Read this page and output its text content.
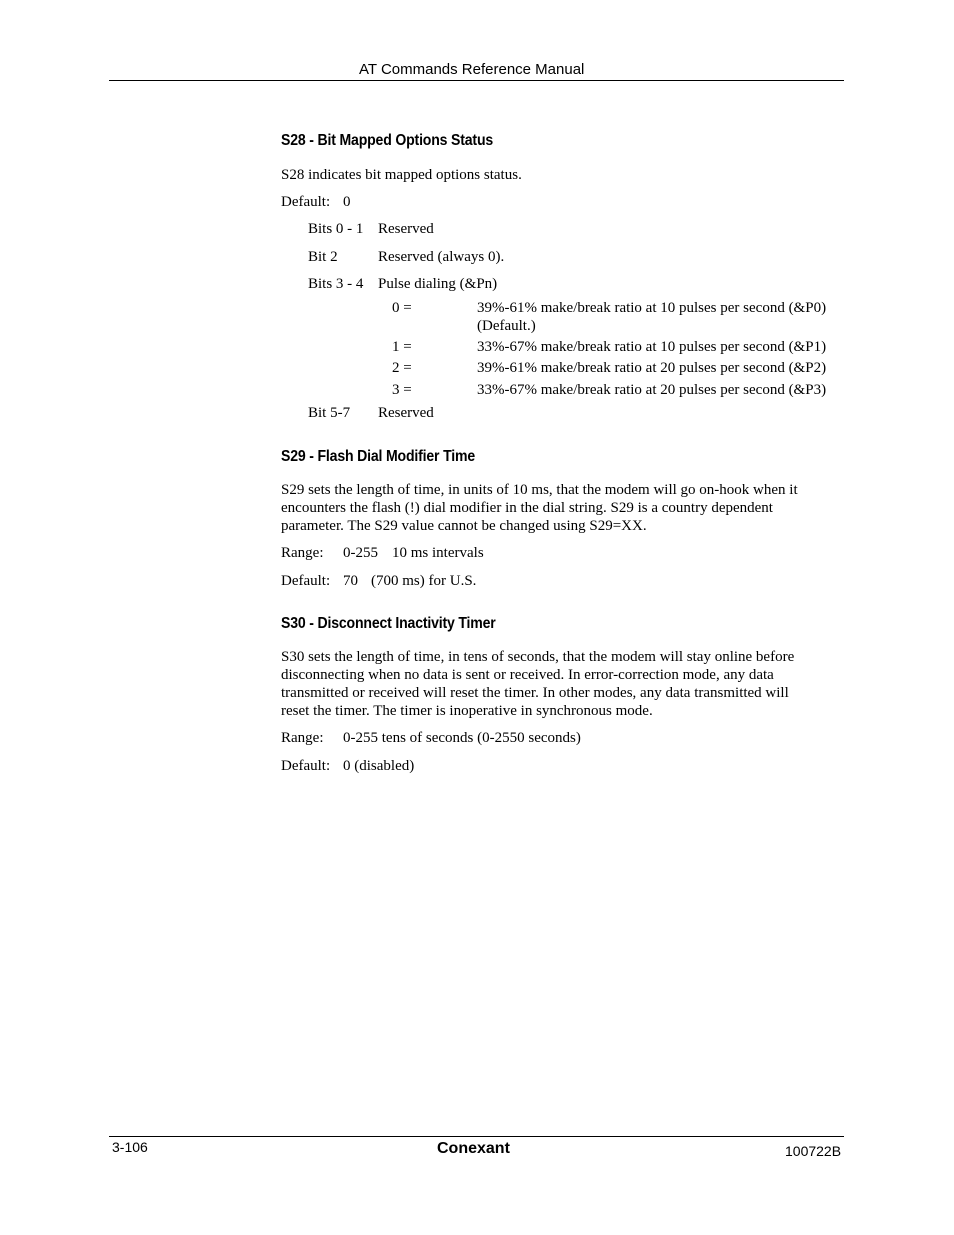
AT Commands Reference Manual
S28 - Bit Mapped Options Status
S28 indicates bit mapped options status.
Default: 0
Bits 0 - 1 Reserved
Bit 2	Reserved (always 0).
Bits 3 - 4 Pulse dialing (&Pn)
0 =	39%-61% make/break ratio at 10 pulses per second (&P0)
(Default.)
1 =	33%-67% make/break ratio at 10 pulses per second (&P1)
2 =	39%-61% make/break ratio at 20 pulses per second (&P2)
3 =	33%-67% make/break ratio at 20 pulses per second (&P3)
Bit 5-7 Reserved
S29 - Flash Dial Modifier Time
S29 sets the length of time, in units of 10 ms, that the modem will go on-hook when it
encounters the flash (!) dial modifier in the dial string. S29 is a country dependent
parameter. The S29 value cannot be changed using S29=XX.
Range: 0-255 10 ms intervals
Default: 70 (700 ms) for U.S.
S30 - Disconnect Inactivity Timer
S30 sets the length of time, in tens of seconds, that the modem will stay online before
disconnecting when no data is sent or received. In error-correction mode, any data
transmitted or received will reset the timer. In other modes, any data transmitted will
reset the timer. The timer is inoperative in synchronous mode.
Range: 0-255 tens of seconds (0-2550 seconds)
Default: 0 (disabled)
3-106	Conexant	100722B
